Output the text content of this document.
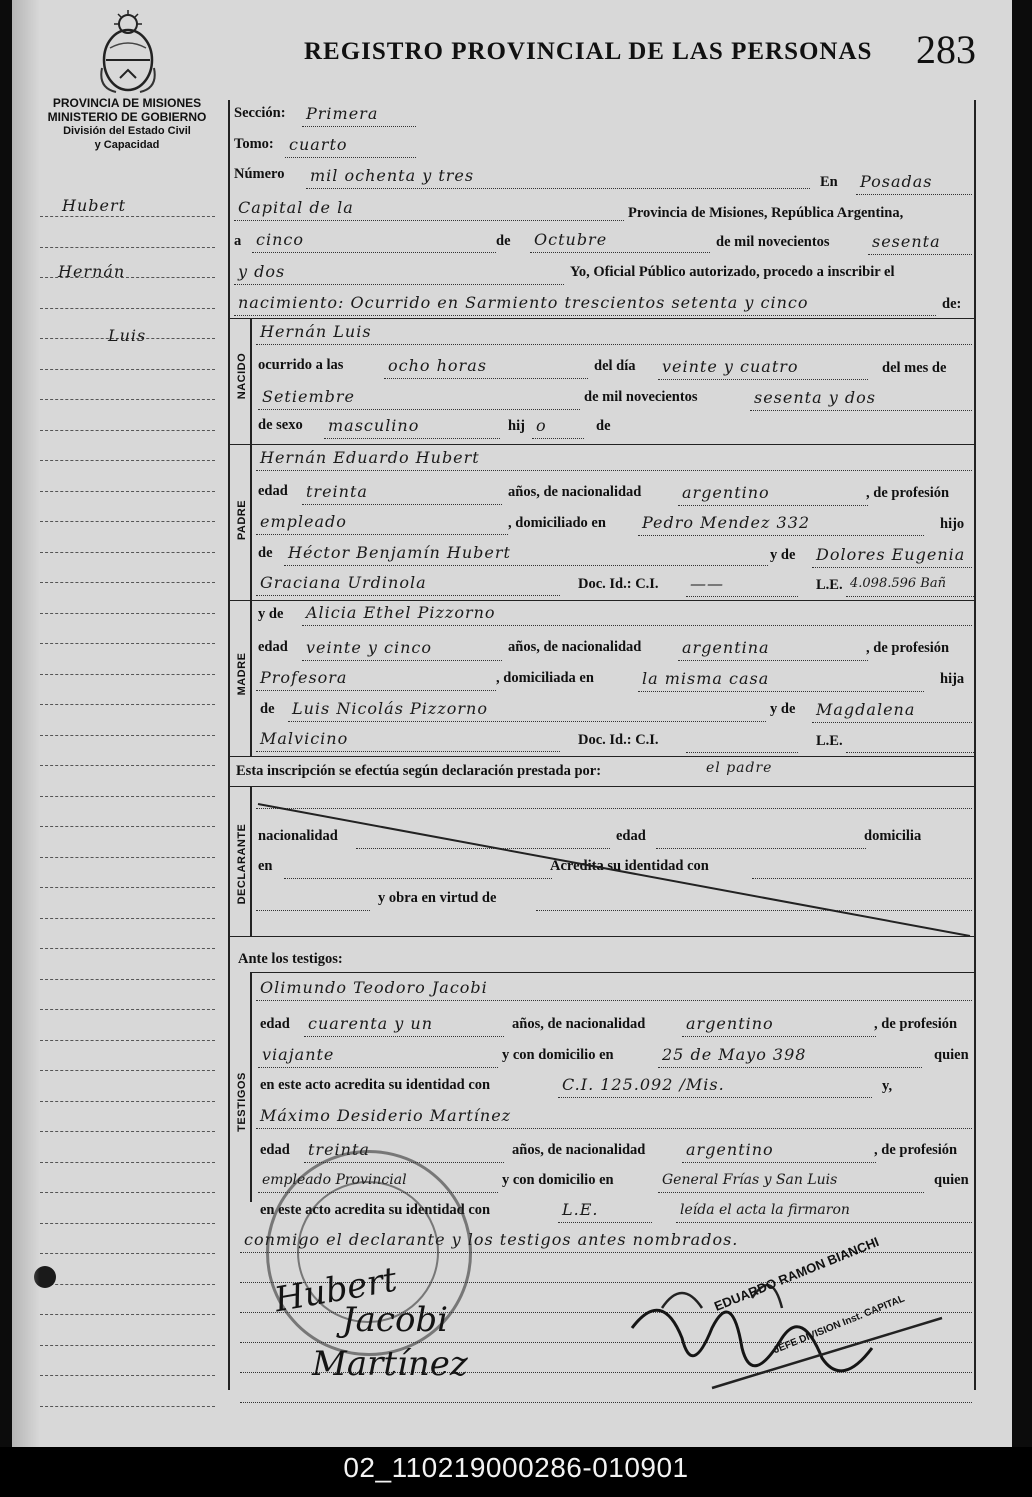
REGISTRO PROVINCIAL DE LAS PERSONAS 283
PROVINCIA DE MISIONES
MINISTERIO DE GOBIERNO
División del Estado Civil
y Capacidad
Hubert
Hernán
Luis
Sección: Primera
Tomo: cuarto
Número mil ochenta y tres	En Posadas
Capital de la	Provincia de Misiones, República Argentina,
a cinco	de Octubre	de mil novecientos	sesenta
y dos	Yo, Oficial Público autorizado, procedo a inscribir el
nacimiento: Ocurrido en Sarmiento trescientos setenta y cinco	de:
NACIDO
Hernán Luis
ocurrido a las	ocho horas	del día veinte y cuatro	del mes de
Setiembre	de mil novecientos	sesenta y dos
de sexo masculino	hij o	de
PADRE
Hernán Eduardo Hubert
edad treinta	años, de nacionalidad	argentino	, de profesión
empleado	, domiciliado en Pedro Mendez 332	hijo
de Héctor Benjamín Hubert	y de Dolores Eugenia
Graciana Urdinola	Doc. Id.: C.I. ——	L.E. 4.098.596 Bañ
MADRE
y de Alicia Ethel Pizzorno
edad veinte y cinco	años, de nacionalidad	argentina	, de profesión
Profesora	, domiciliada en	la misma casa	hija
de Luis Nicolás Pizzorno	y de Magdalena
Malvicino	Doc. Id.: C.I.	L.E.
Esta inscripción se efectúa según declaración prestada por:	el padre
DECLARANTE nacionalidad	edad	domicilia
en	Acredita su identidad con
y obra en virtud de
Ante los testigos:
TESTIGOS
Olimundo Teodoro Jacobi
edad cuarenta y un	años, de nacionalidad	argentino	, de profesión
viajante	y con domicilio en	25 de Mayo 398	quien
en este acto acredita su identidad con	C.I. 125.092 /Mis.	y,
Máximo Desiderio Martínez
edad treinta	años, de nacionalidad	argentino	, de profesión
empleado Provincial	y con domicilio en	General Frías y San Luis	quien
en este acto acredita su identidad con	L.E.	leída el acta la firmaron
conmigo el declarante y los testigos antes nombrados.
Hubert
Jacobi
Martínez
EDUARDO RAMON BIANCHI
JEFE DIVISION Inst. CAPITAL
02_110219000286-010901
